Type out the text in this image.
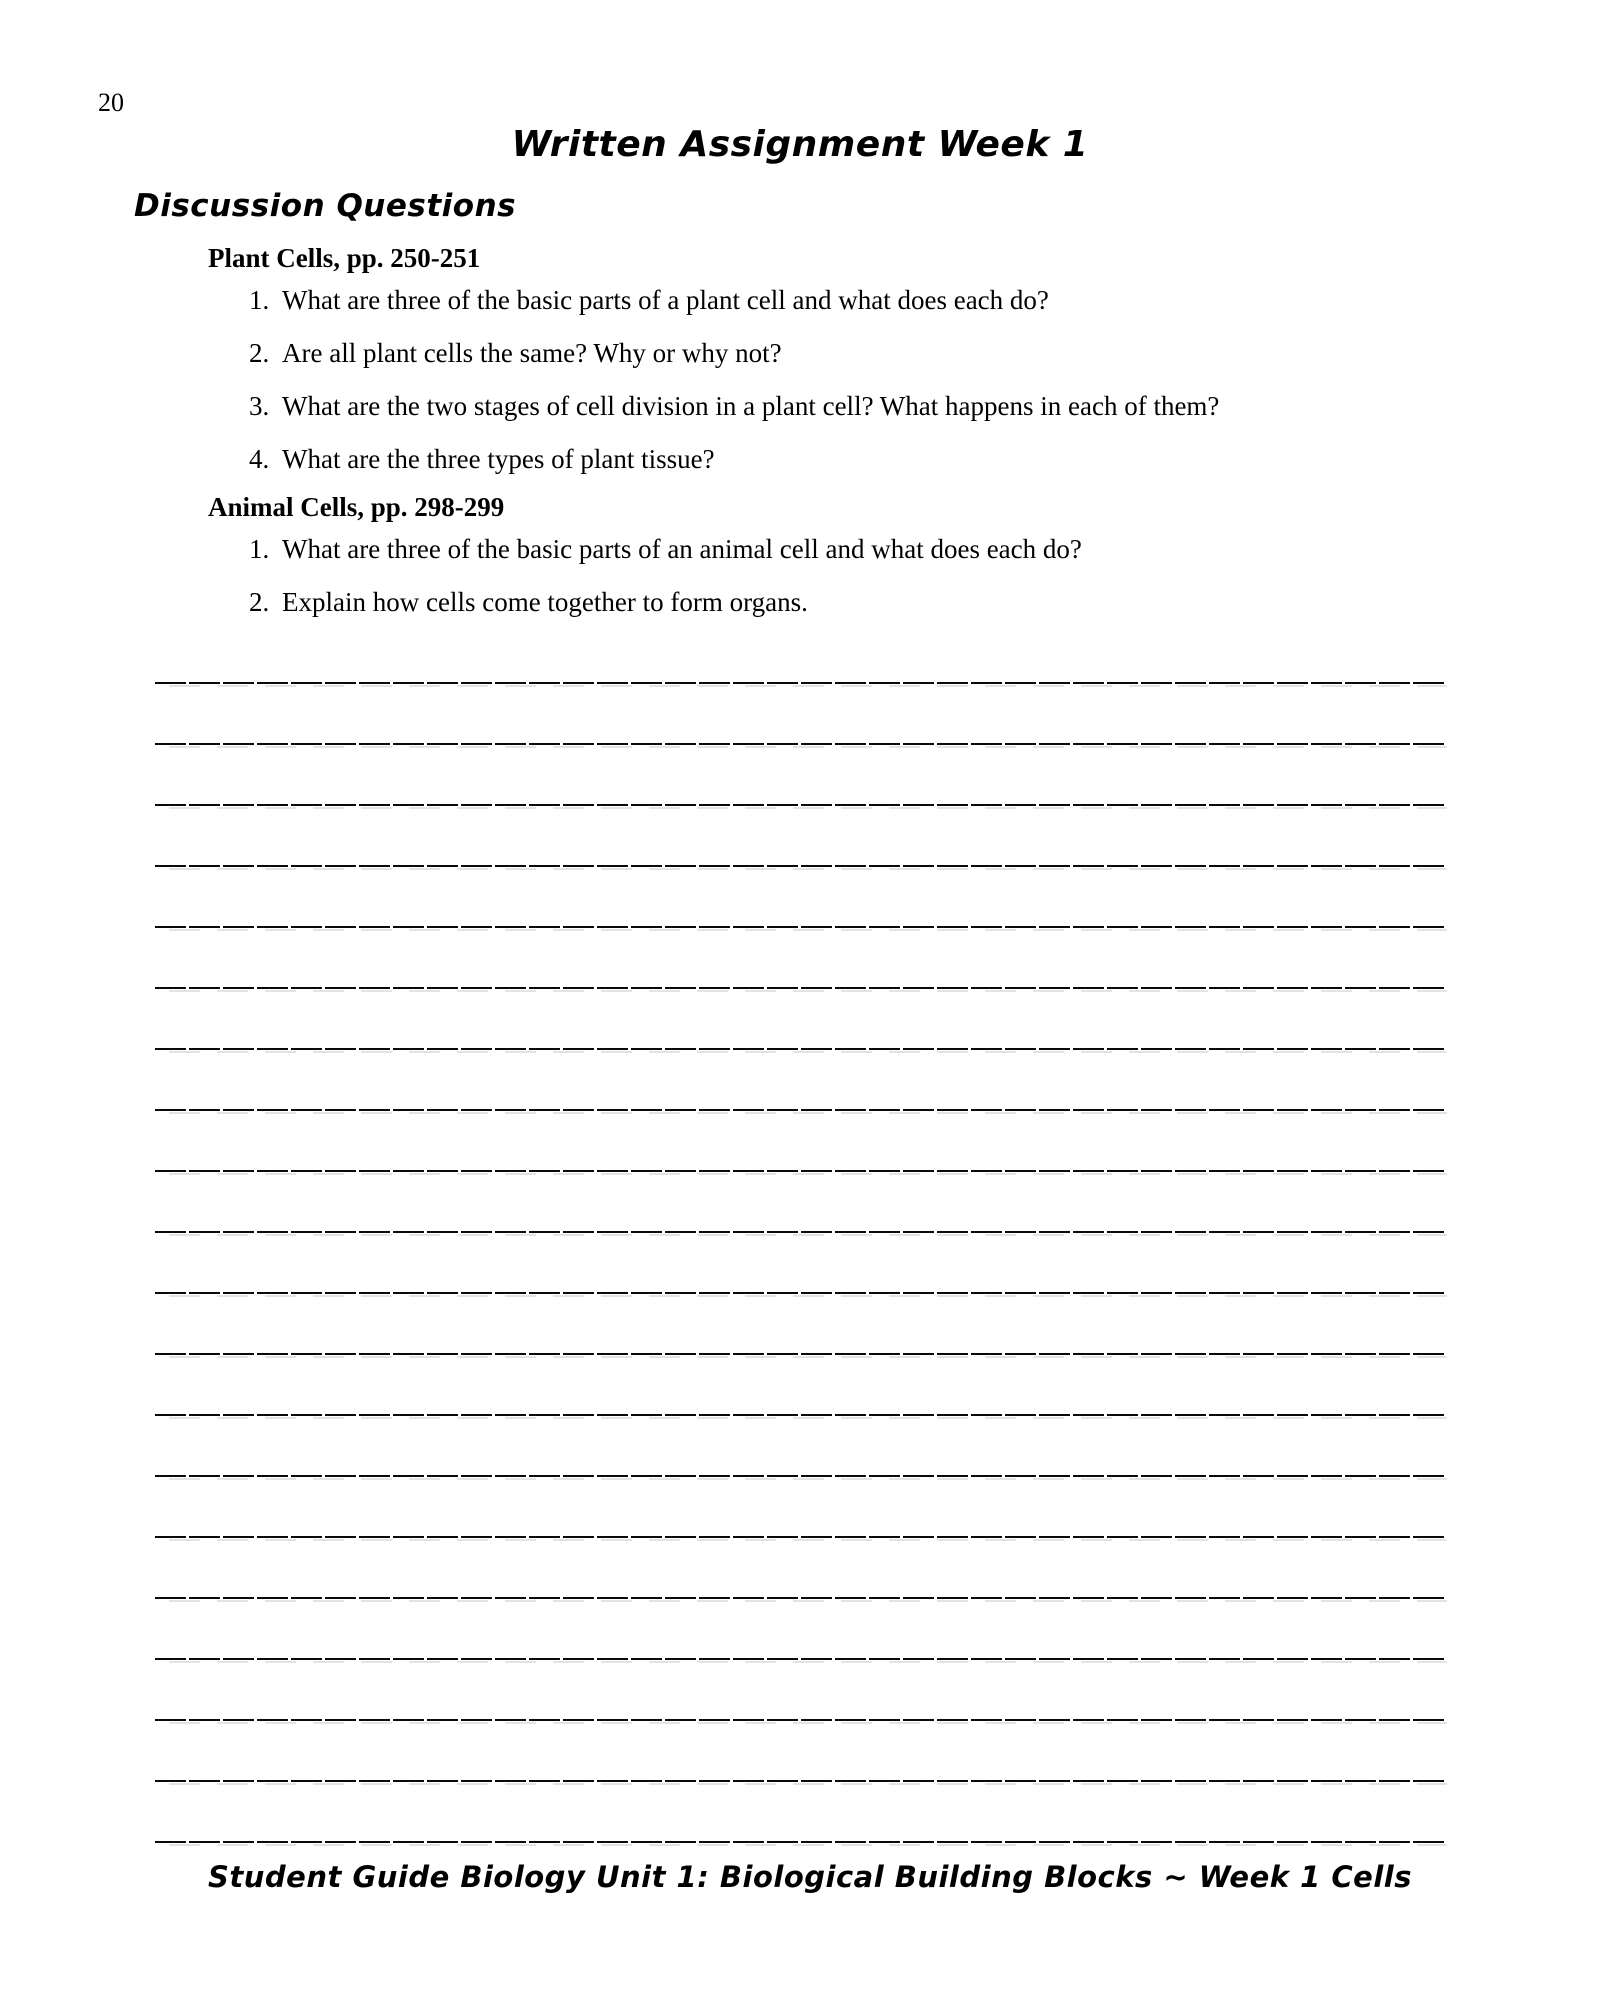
20
Written Assignment Week 1
Discussion Questions
Plant Cells, pp. 250-251
1. What are three of the basic parts of a plant cell and what does each do?
2. Are all plant cells the same? Why or why not?
3. What are the two stages of cell division in a plant cell? What happens in each of them?
4. What are the three types of plant tissue?
Animal Cells, pp. 298-299
1. What are three of the basic parts of an animal cell and what does each do?
2. Explain how cells come together to form organs.
Student Guide Biology Unit 1: Biological Building Blocks ~ Week 1 Cells
